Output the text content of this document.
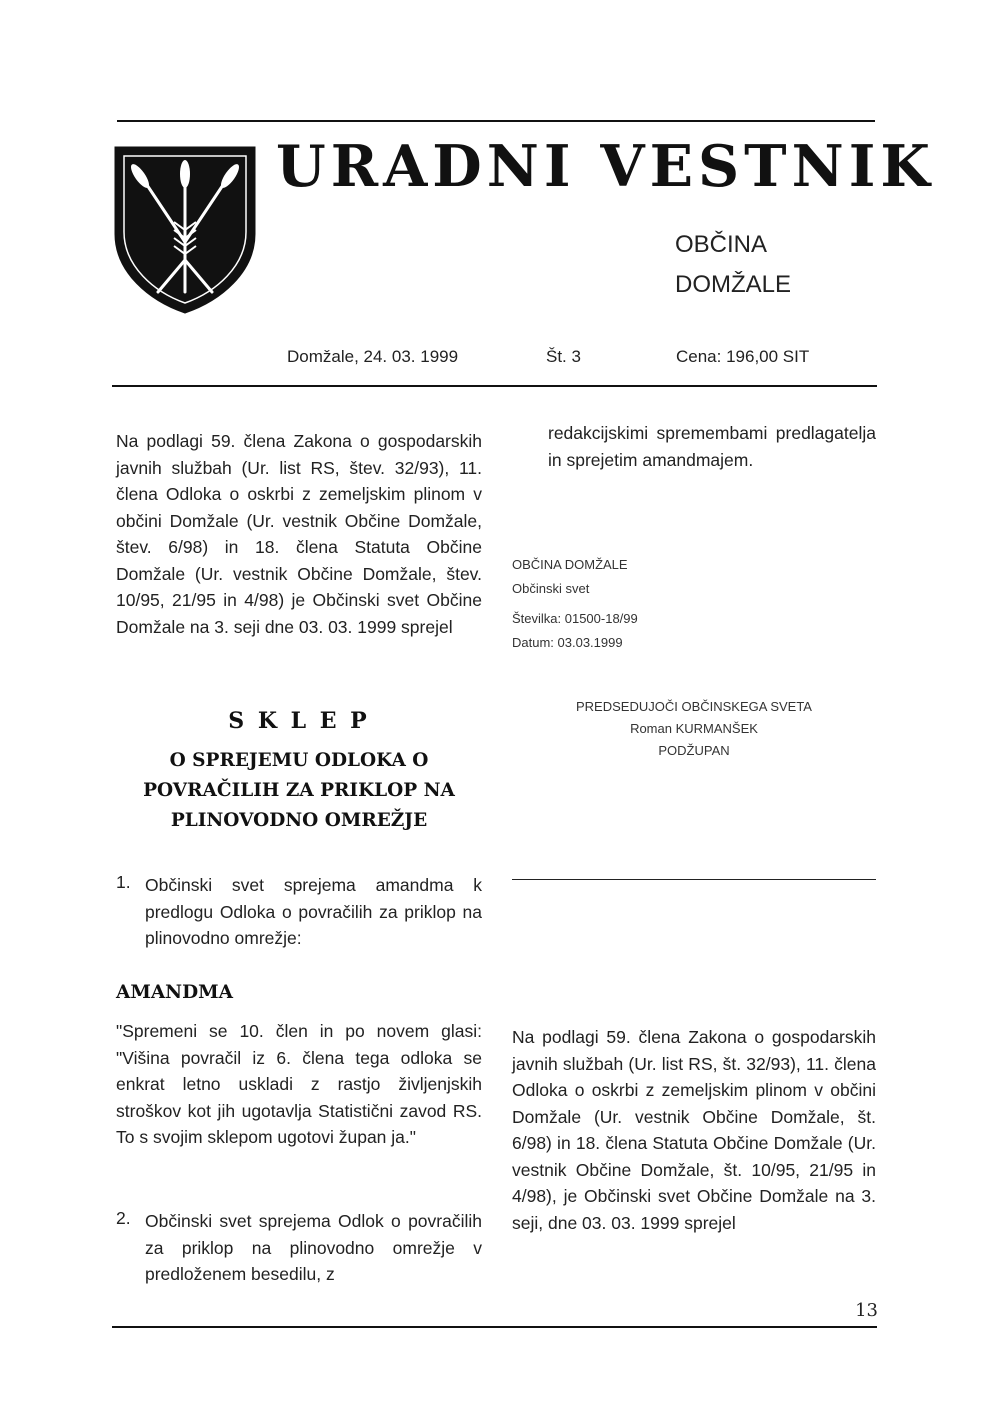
URADNI VESTNIK
OBČINA
DOMŽALE
Domžale, 24. 03. 1999	Št. 3	Cena: 196,00 SIT
Na podlagi 59. člena Zakona o gospodarskih javnih službah (Ur. list RS, štev. 32/93), 11. člena Odloka o oskrbi z zemeljskim plinom v občini Domžale (Ur. vestnik Občine Domžale, štev. 6/98) in 18. člena Statuta Občine Domžale (Ur. vestnik Občine Domžale, štev. 10/95, 21/95 in 4/98) je Občinski svet Občine Domžale na 3. seji dne 03. 03. 1999 sprejel
S K L E P
O SPREJEMU ODLOKA O
POVRAČILIH ZA PRIKLOP NA
PLINOVODNO OMREŽJE
1. Občinski svet sprejema amandma k predlogu Odloka o povračilih za priklop na plinovodno omrežje:
AMANDMA
"Spremeni se 10. člen in po novem glasi: "Višina povračil iz 6. člena tega odloka se enkrat letno uskladi z rastjo življenjskih stroškov kot jih ugotavlja Statistični zavod RS. To s svojim sklepom ugotovi župan ja."
2. Občinski svet sprejema Odlok o povračilih za priklop na plinovodno omrežje v predloženem besedilu, z
redakcijskimi spremembami predlagatelja in sprejetim amandmajem.
OBČINA DOMŽALE
Občinski svet
Številka: 01500-18/99
Datum: 03.03.1999
PREDSEDUJOČI OBČINSKEGA SVETA
Roman KURMANŠEK
PODŽUPAN
Na podlagi 59. člena Zakona o gospodarskih javnih službah (Ur. list RS, št. 32/93), 11. člena Odloka o oskrbi z zemeljskim plinom v občini Domžale (Ur. vestnik Občine Domžale, št. 6/98) in 18. člena Statuta Občine Domžale (Ur. vestnik Občine Domžale, št. 10/95, 21/95 in 4/98), je Občinski svet Občine Domžale na 3. seji, dne 03. 03. 1999 sprejel
13
